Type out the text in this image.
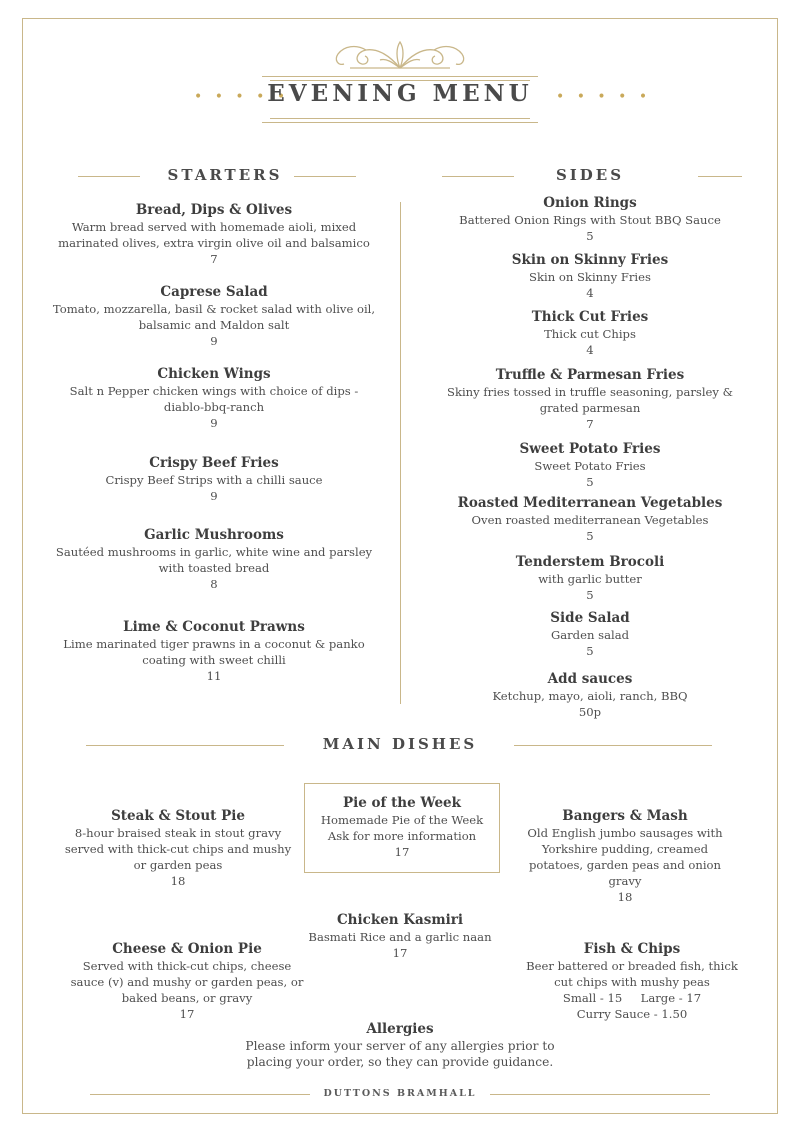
• • • • •
EVENING MENU	• • • • •
STARTERS	SIDES
Bread, Dips & Olives
Warm bread served with homemade aioli, mixed marinated olives, extra virgin olive oil and balsamico
7
Caprese Salad
Tomato, mozzarella, basil & rocket salad with olive oil, balsamic and Maldon salt
9
Chicken Wings
Salt n Pepper chicken wings with choice of dips - diablo-bbq-ranch
9
Crispy Beef Fries
Crispy Beef Strips with a chilli sauce
9
Garlic Mushrooms
Sautéed mushrooms in garlic, white wine and parsley with toasted bread
8
Lime & Coconut Prawns
Lime marinated tiger prawns in a coconut & panko coating with sweet chilli
11
Onion Rings
Battered Onion Rings with Stout BBQ Sauce
5
Skin on Skinny Fries
Skin on Skinny Fries
4
Thick Cut Fries
Thick cut Chips
4
Truffle & Parmesan Fries
Skiny fries tossed in truffle seasoning, parsley & grated parmesan
7
Sweet Potato Fries
Sweet Potato Fries
5
Roasted Mediterranean Vegetables
Oven roasted mediterranean Vegetables
5
Tenderstem Brocoli
with garlic butter
5
Side Salad
Garden salad
5
Add sauces
Ketchup, mayo, aioli, ranch, BBQ
50p
MAIN DISHES
Steak & Stout Pie
8-hour braised steak in stout gravy served with thick-cut chips and mushy or garden peas
18
Pie of the Week
Homemade Pie of the Week
Ask for more information
17
Bangers & Mash
Old English jumbo sausages with Yorkshire pudding, creamed potatoes, garden peas and onion gravy
18
Chicken Kasmiri
Basmati Rice and a garlic naan
17
Cheese & Onion Pie
Served with thick-cut chips, cheese sauce (v) and mushy or garden peas, or baked beans, or gravy
17
Fish & Chips
Beer battered or breaded fish, thick cut chips with mushy peas
Small - 15     Large - 17
Curry Sauce - 1.50
Allergies
Please inform your server of any allergies prior to placing your order, so they can provide guidance.
DUTTONS BRAMHALL
